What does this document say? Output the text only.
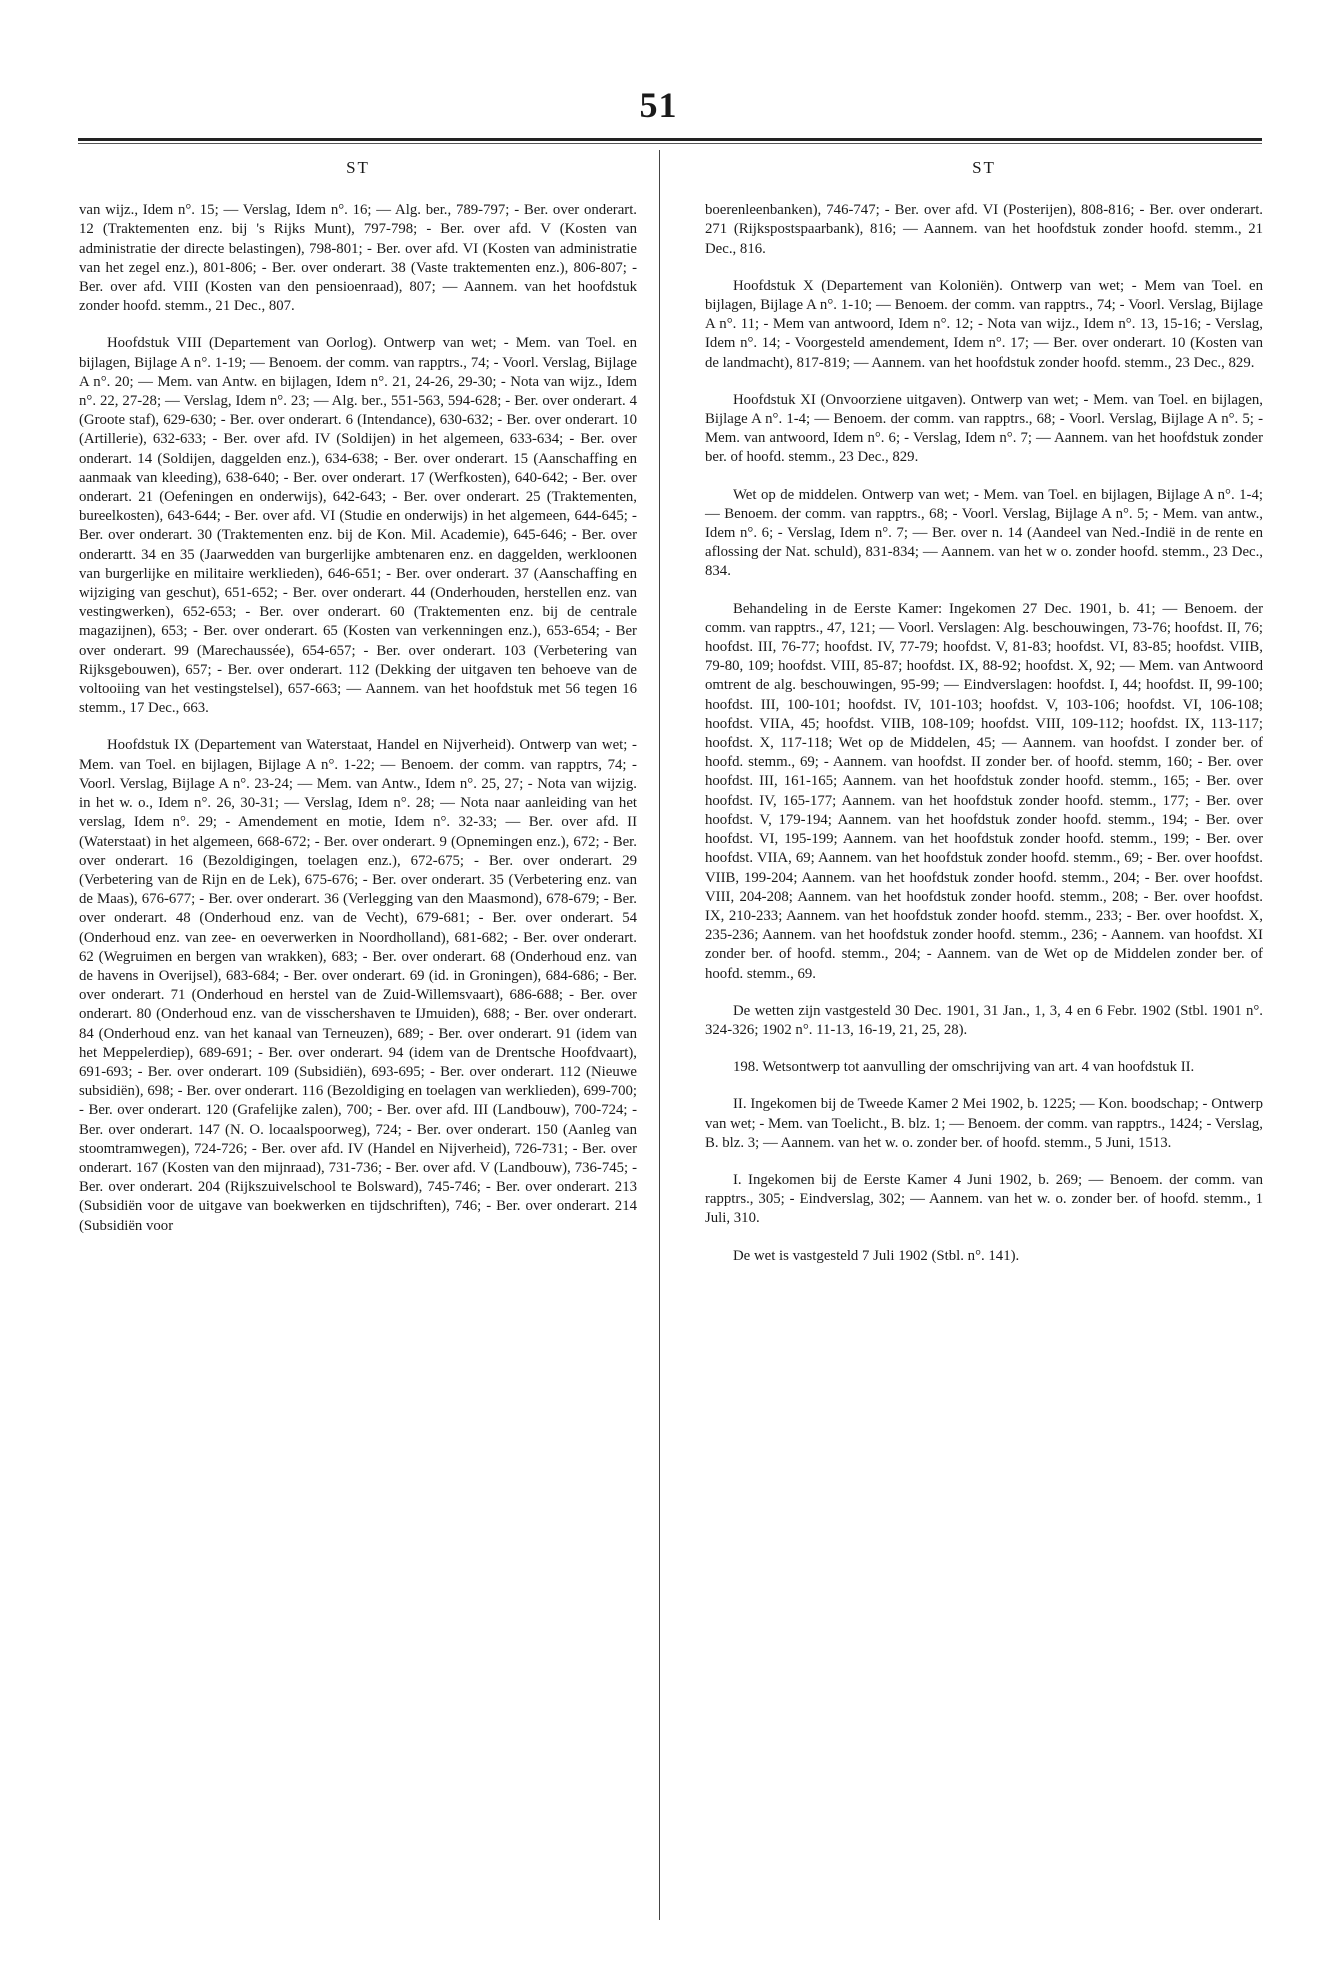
51
ST

van wijz., Idem n°. 15; — Verslag, Idem n°. 16; — Alg. ber., 789-797; - Ber. over onderart. 12 (Traktementen enz. bij 's Rijks Munt), 797-798; - Ber. over afd. V (Kosten van administratie der directe belastingen), 798-801; - Ber. over afd. VI (Kosten van administratie van het zegel enz.), 801-806; - Ber. over onderart. 38 (Vaste traktementen enz.), 806-807; - Ber. over afd. VIII (Kosten van den pensioenraad), 807; — Aannem. van het hoofdstuk zonder hoofd. stemm., 21 Dec., 807.

Hoofdstuk VIII (Departement van Oorlog). Ontwerp van wet; - Mem. van Toel. en bijlagen, Bijlage A n°. 1-19; — Benoem. der comm. van rapptrs., 74; - Voorl. Verslag, Bijlage A n°. 20; — Mem. van Antw. en bijlagen, Idem n°. 21, 24-26, 29-30; - Nota van wijz., Idem n°. 22, 27-28; — Verslag, Idem n°. 23; — Alg. ber., 551-563, 594-628; - Ber. over onderart. 4 (Groote staf), 629-630; - Ber. over onderart. 6 (Intendance), 630-632; - Ber. over onderart. 10 (Artillerie), 632-633; - Ber. over afd. IV (Soldijen) in het algemeen, 633-634; - Ber. over onderart. 14 (Soldijen, daggelden enz.), 634-638; - Ber. over onderart. 15 (Aanschaffing en aanmaak van kleeding), 638-640; - Ber. over onderart. 17 (Werfkosten), 640-642; - Ber. over onderart. 21 (Oefeningen en onderwijs), 642-643; - Ber. over onderart. 25 (Traktementen, bureelkosten), 643-644; - Ber. over afd. VI (Studie en onderwijs) in het algemeen, 644-645; - Ber. over onderart. 30 (Traktementen enz. bij de Kon. Mil. Academie), 645-646; - Ber. over onderartt. 34 en 35 (Jaarwedden van burgerlijke ambtenaren enz. en daggelden, werkloonen van burgerlijke en militaire werklieden), 646-651; - Ber. over onderart. 37 (Aanschaffing en wijziging van geschut), 651-652; - Ber. over onderart. 44 (Onderhouden, herstellen enz. van vestingwerken), 652-653; - Ber. over onderart. 60 (Traktementen enz. bij de centrale magazijnen), 653; - Ber. over onderart. 65 (Kosten van verkenningen enz.), 653-654; - Ber over onderart. 99 (Marechaussée), 654-657; - Ber. over onderart. 103 (Verbetering van Rijksgebouwen), 657; - Ber. over onderart. 112 (Dekking der uitgaven ten behoeve van de voltooiing van het vestingstelsel), 657-663; — Aannem. van het hoofdstuk met 56 tegen 16 stemm., 17 Dec., 663.

Hoofdstuk IX (Departement van Waterstaat, Handel en Nijverheid). Ontwerp van wet; - Mem. van Toel. en bijlagen, Bijlage A n°. 1-22; — Benoem. der comm. van rapptrs, 74; - Voorl. Verslag, Bijlage A n°. 23-24; — Mem. van Antw., Idem n°. 25, 27; - Nota van wijzig. in het w. o., Idem n°. 26, 30-31; — Verslag, Idem n°. 28; — Nota naar aanleiding van het verslag, Idem n°. 29; - Amendement en motie, Idem n°. 32-33; — Ber. over afd. II (Waterstaat) in het algemeen, 668-672; - Ber. over onderart. 9 (Opnemingen enz.), 672; - Ber. over onderart. 16 (Bezoldigingen, toelagen enz.), 672-675; - Ber. over onderart. 29 (Verbetering van de Rijn en de Lek), 675-676; - Ber. over onderart. 35 (Verbetering enz. van de Maas), 676-677; - Ber. over onderart. 36 (Verlegging van den Maasmond), 678-679; - Ber. over onderart. 48 (Onderhoud enz. van de Vecht), 679-681; - Ber. over onderart. 54 (Onderhoud enz. van zee- en oeverwerken in Noordholland), 681-682; - Ber. over onderart. 62 (Wegruimen en bergen van wrakken), 683; - Ber. over onderart. 68 (Onderhoud enz. van de havens in Overijsel), 683-684; - Ber. over onderart. 69 (id. in Groningen), 684-686; - Ber. over onderart. 71 (Onderhoud en herstel van de Zuid-Willemsvaart), 686-688; - Ber. over onderart. 80 (Onderhoud enz. van de visschershaven te IJmuiden), 688; - Ber. over onderart. 84 (Onderhoud enz. van het kanaal van Terneuzen), 689; - Ber. over onderart. 91 (idem van het Meppelerdiep), 689-691; - Ber. over onderart. 94 (idem van de Drentsche Hoofdvaart), 691-693; - Ber. over onderart. 109 (Subsidiën), 693-695; - Ber. over onderart. 112 (Nieuwe subsidiën), 698; - Ber. over onderart. 116 (Bezoldiging en toelagen van werklieden), 699-700; - Ber. over onderart. 120 (Grafelijke zalen), 700; - Ber. over afd. III (Landbouw), 700-724; - Ber. over onderart. 147 (N. O. locaalspoorweg), 724; - Ber. over onderart. 150 (Aanleg van stoomtramwegen), 724-726; - Ber. over afd. IV (Handel en Nijverheid), 726-731; - Ber. over onderart. 167 (Kosten van den mijnraad), 731-736; - Ber. over afd. V (Landbouw), 736-745; - Ber. over onderart. 204 (Rijkszuivelschool te Bolsward), 745-746; - Ber. over onderart. 213 (Subsidiën voor de uitgave van boekwerken en tijdschriften), 746; - Ber. over onderart. 214 (Subsidiën voor

ST

boerenleenbanken), 746-747; - Ber. over afd. VI (Posterijen), 808-816; - Ber. over onderart. 271 (Rijkspostspaarbank), 816; — Aannem. van het hoofdstuk zonder hoofd. stemm., 21 Dec., 816.

Hoofdstuk X (Departement van Koloniën). Ontwerp van wet; - Mem van Toel. en bijlagen, Bijlage A n°. 1-10; — Benoem. der comm. van rapptrs., 74; - Voorl. Verslag, Bijlage A n°. 11; - Mem van antwoord, Idem n°. 12; - Nota van wijz., Idem n°. 13, 15-16; - Verslag, Idem n°. 14; - Voorgesteld amendement, Idem n°. 17; — Ber. over onderart. 10 (Kosten van de landmacht), 817-819; — Aannem. van het hoofdstuk zonder hoofd. stemm., 23 Dec., 829.

Hoofdstuk XI (Onvoorziene uitgaven). Ontwerp van wet; - Mem. van Toel. en bijlagen, Bijlage A n°. 1-4; — Benoem. der comm. van rapptrs., 68; - Voorl. Verslag, Bijlage A n°. 5; - Mem. van antwoord, Idem n°. 6; - Verslag, Idem n°. 7; — Aannem. van het hoofdstuk zonder ber. of hoofd. stemm., 23 Dec., 829.

Wet op de middelen. Ontwerp van wet; - Mem. van Toel. en bijlagen, Bijlage A n°. 1-4; — Benoem. der comm. van rapptrs., 68; - Voorl. Verslag, Bijlage A n°. 5; - Mem. van antw., Idem n°. 6; - Verslag, Idem n°. 7; — Ber. over n. 14 (Aandeel van Ned.-Indië in de rente en aflossing der Nat. schuld), 831-834; — Aannem. van het w o. zonder hoofd. stemm., 23 Dec., 834.

Behandeling in de Eerste Kamer: Ingekomen 27 Dec. 1901, b. 41; — Benoem. der comm. van rapptrs., 47, 121; — Voorl. Verslagen: Alg. beschouwingen, 73-76; hoofdst. II, 76; hoofdst. III, 76-77; hoofdst. IV, 77-79; hoofdst. V, 81-83; hoofdst. VI, 83-85; hoofdst. VIIB, 79-80, 109; hoofdst. VIII, 85-87; hoofdst. IX, 88-92; hoofdst. X, 92; — Mem. van Antwoord omtrent de alg. beschouwingen, 95-99; — Eindverslagen: hoofdst. I, 44; hoofdst. II, 99-100; hoofdst. III, 100-101; hoofdst. IV, 101-103; hoofdst. V, 103-106; hoofdst. VI, 106-108; hoofdst. VIIA, 45; hoofdst. VIIB, 108-109; hoofdst. VIII, 109-112; hoofdst. IX, 113-117; hoofdst. X, 117-118; Wet op de Middelen, 45; — Aannem. van hoofdst. I zonder ber. of hoofd. stemm., 69; - Aannem. van hoofdst. II zonder ber. of hoofd. stemm, 160; - Ber. over hoofdst. III, 161-165; Aannem. van het hoofdstuk zonder hoofd. stemm., 165; - Ber. over hoofdst. IV, 165-177; Aannem. van het hoofdstuk zonder hoofd. stemm., 177; - Ber. over hoofdst. V, 179-194; Aannem. van het hoofdstuk zonder hoofd. stemm., 194; - Ber. over hoofdst. VI, 195-199; Aannem. van het hoofdstuk zonder hoofd. stemm., 199; - Ber. over hoofdst. VIIA, 69; Aannem. van het hoofdstuk zonder hoofd. stemm., 69; - Ber. over hoofdst. VIIB, 199-204; Aannem. van het hoofdstuk zonder hoofd. stemm., 204; - Ber. over hoofdst. VIII, 204-208; Aannem. van het hoofdstuk zonder hoofd. stemm., 208; - Ber. over hoofdst. IX, 210-233; Aannem. van het hoofdstuk zonder hoofd. stemm., 233; - Ber. over hoofdst. X, 235-236; Aannem. van het hoofdstuk zonder hoofd. stemm., 236; - Aannem. van hoofdst. XI zonder ber. of hoofd. stemm., 204; - Aannem. van de Wet op de Middelen zonder ber. of hoofd. stemm., 69.

De wetten zijn vastgesteld 30 Dec. 1901, 31 Jan., 1, 3, 4 en 6 Febr. 1902 (Stbl. 1901 n°. 324-326; 1902 n°. 11-13, 16-19, 21, 25, 28).

198. Wetsontwerp tot aanvulling der omschrijving van art. 4 van hoofdstuk II.

II. Ingekomen bij de Tweede Kamer 2 Mei 1902, b. 1225; — Kon. boodschap; - Ontwerp van wet; - Mem. van Toelicht., B. blz. 1; — Benoem. der comm. van rapptrs., 1424; - Verslag, B. blz. 3; — Aannem. van het w. o. zonder ber. of hoofd. stemm., 5 Juni, 1513.

I. Ingekomen bij de Eerste Kamer 4 Juni 1902, b. 269; — Benoem. der comm. van rapptrs., 305; - Eindverslag, 302; — Aannem. van het w. o. zonder ber. of hoofd. stemm., 1 Juli, 310.

De wet is vastgesteld 7 Juli 1902 (Stbl. n°. 141).
